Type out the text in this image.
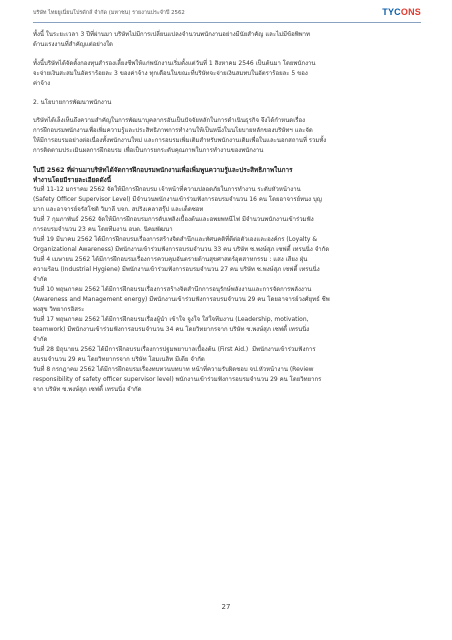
บริษัท ไทยยูเนี่ยนโปรดักส์ จำกัด (มหาชน) รายงานประจำปี 2562	TYCONS

ทั้งนี้ ในระยะเวลา 3 ปีที่ผ่านมา บริษัทไม่มีการเปลี่ยนแปลงจำนวนพนักงานอย่างมีนัยสำคัญ และไม่มีข้อพิพาท
ด้านแรงงานที่สำคัญแต่อย่างใด

ทั้งนี้บริษัทได้จัดตั้งกองทุนสำรองเลี้ยงชีพให้แก่พนักงานเริ่มตั้งแต่วันที่ 1 สิงหาคม 2546 เป็นต้นมา โดยพนักงาน
จะจ่ายเงินสะสมในอัตราร้อยละ 3 ของค่าจ้าง ทุกเดือนในขณะที่บริษัทจะจ่ายเงินสมทบในอัตราร้อยละ 5 ของ
ค่าจ้าง

2. นโยบายการพัฒนาพนักงาน

บริษัทได้เล็งเห็นถึงความสำคัญในการพัฒนาบุคลากรอันเป็นปัจจัยหลักในการดำเนินธุรกิจ จึงได้กำหนดเรื่อง
การฝึกอบรมพนักงานเพื่อเพิ่มความรู้และประสิทธิภาพการทำงานให้เป็นหนึ่งในนโยบายหลักของบริษัทฯ และจัด
ให้มีการอบรมอย่างต่อเนื่องทั้งพนักงานใหม่ และการอบรมเพิ่มเติมสำหรับพนักงานเดิมเพื่อในและนอกสถานที่ รวมทั้ง
การติดตามประเมินผลการฝึกอบรม เพื่อเป็นการยกระดับคุณภาพในการทำงานของพนักงาน

ในปี 2562 ที่ผ่านมาบริษัทได้จัดการฝึกอบรมพนักงานเพื่อเพิ่มพูนความรู้และประสิทธิภาพในการ
ทำงานโดยมีรายละเอียดดังนี้

วันที่ 11-12 มกราคม 2562 จัดให้มีการฝึกอบรม เจ้าหน้าที่ความปลอดภัยในการทำงาน ระดับหัวหน้างาน
(Safety Officer Supervisor Level) มีจำนวนพนักงานเข้าร่วมฟังการอบรมจำนวน 16 คน โดยอาจารย์ทนง บุญ
มาก และอาจารย์จรัสโชติ วิมาลี บจก. สปริงเคลาสรุ๊ป และเด็ดซอท

วันที่ 7 กุมภาพันธ์ 2562 จัดให้มีการฝึกอบรมการดับเพลิงเบื้องต้นและอพยพหนีไฟ มีจำนวนพนักงานเข้าร่วมฟัง
การอบรมจำนวน 23 คน โดยทีมงาน อบต. นิคมพัฒนา

วันที่ 19 มีนาคม 2562 ได้มีการฝึกอบรมเรื่องการสร้างจิตสำนึกและทัศนคติที่ดีต่อตัวเองและองค์กร (Loyalty &
Organizational Awareness) มีพนักงานเข้าร่วมฟังการอบรมจำนวน 33 คน บริษัท ซ.พงษ์สุภ เซฟตี้ เทรนนิ่ง จำกัด

วันที่ 4 เมษายน 2562 ได้มีการฝึกอบรมเรื่องการควบคุมอันตรายด้านสุขศาสตร์อุตสาหกรรม : แสง เสียง ฝุ่น
ความร้อน (Industrial Hygiene) มีพนักงานเข้าร่วมฟังการอบรมจำนวน 27 คน บริษัท ซ.พงษ์สุภ เซฟตี้ เทรนนิ่ง
จำกัด

วันที่ 10 พฤษภาคม 2562 ได้มีการฝึกอบรมเรื่องการสร้างจิตสำนึกการอนุรักษ์พลังงานและการจัดการพลังงาน
(Awareness and Management energy) มีพนักงานเข้าร่วมฟังการอบรมจำนวน 29 คน โดยอาจารย์วงศ์ยุทธ์ ชีพ
พงสุข วิทยากรอิสระ

วันที่ 17 พฤษภาคม 2562 ได้มีการฝึกอบรมเรื่องผู้นำ เข้าใจ จูงใจ ใส่ใจทีมงาน (Leadership, motivation,
teamwork) มีพนักงานเข้าร่วมฟังการอบรมจำนวน 34 คน โดยวิทยากรจาก บริษัท ซ.พงษ์สุภ เซฟตี้ เทรนนิ่ง
จำกัด

วันที่ 28 มิถุนายน 2562 ได้มีการฝึกอบรมเรื่องการปฐมพยาบาลเบื้องต้น (First Aid.)  มีพนักงานเข้าร่วมฟังการ
อบรมจำนวน 29 คน โดยวิทยากรจาก บริษัท โฮมเนลิท มีเดีย จำกัด

วันที่ 8 กรกฎาคม 2562 ได้มีการฝึกอบรมเรื่องทบทวนบทบาท หน้าที่ความรับผิดชอบ จป.หัวหน้างาน (Review
responsibility of safety officer supervisor level) พนักงานเข้าร่วมฟังการอบรมจำนวน 29 คน โดยวิทยากร
จาก บริษัท ซ.พงษ์สุภ เซฟตี้ เทรนนิ่ง จำกัด

27
